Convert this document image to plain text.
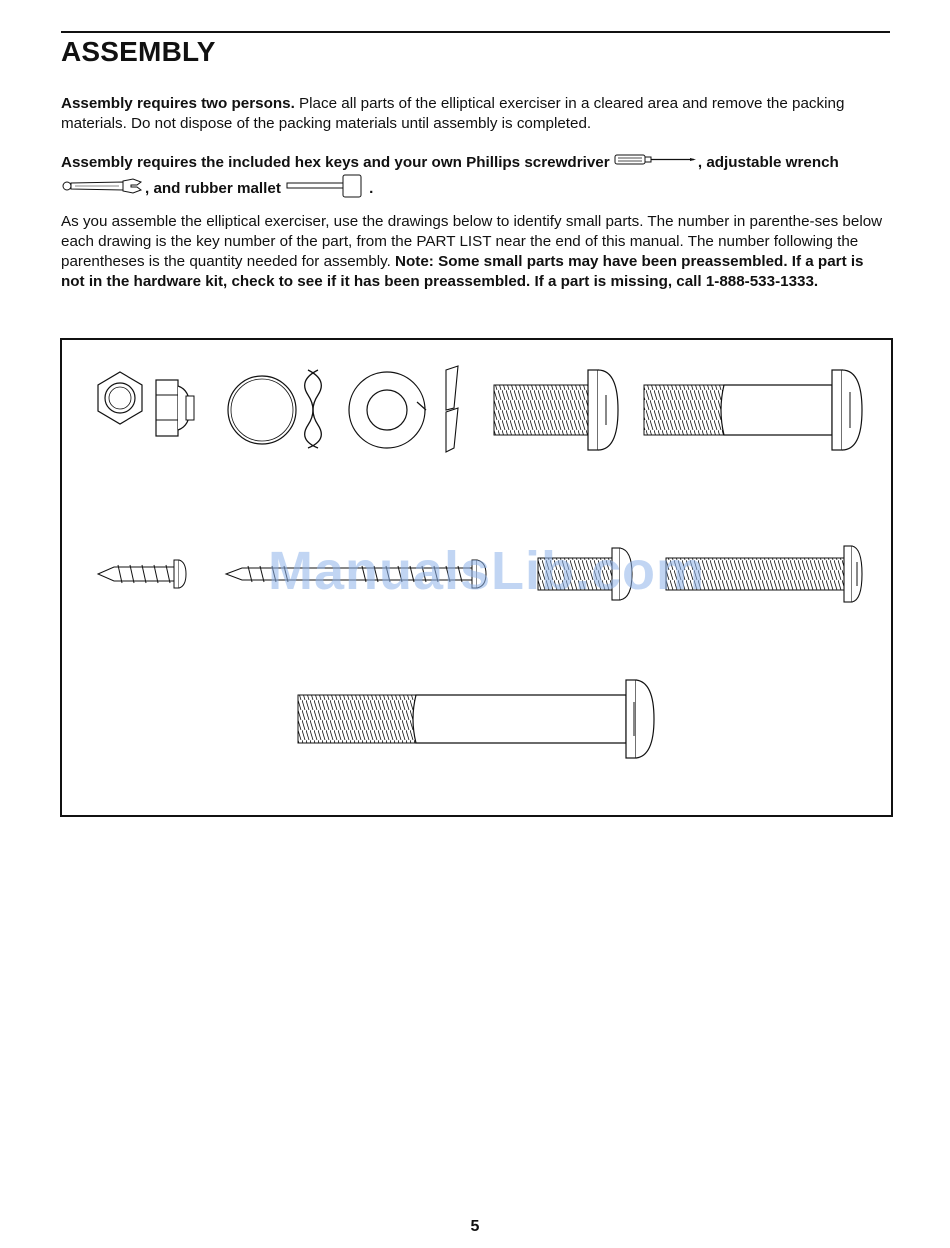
ASSEMBLY

Assembly requires two persons. Place all parts of the elliptical exerciser in a cleared area and remove the packing materials. Do not dispose of the packing materials until assembly is completed.

Assembly requires the included hex keys and your own Phillips screwdriver	, adjustable wrench , and rubber mallet	.

As you assemble the elliptical exerciser, use the drawings below to identify small parts. The number in parenthe-ses below each drawing is the key number of the part, from the PART LIST near the end of this manual. The number following the parentheses is the quantity needed for assembly. Note: Some small parts may have been preassembled. If a part is not in the hardware kit, check to see if it has been preassembled. If a part is missing, call 1-888-533-1333.

ManualsLib.com
5
